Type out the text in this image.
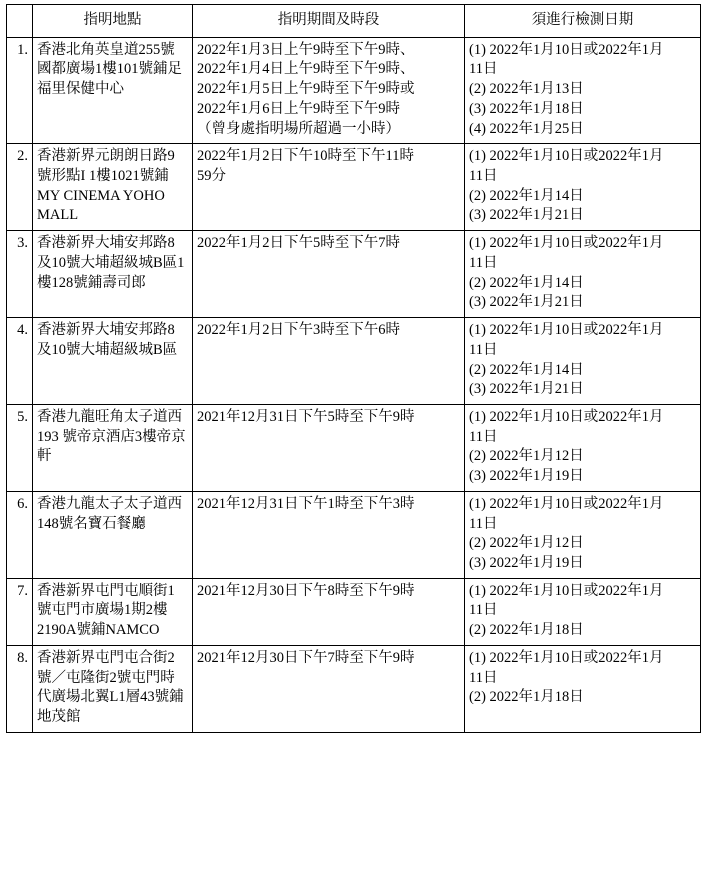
	指明地點	指明期間及時段	須進行檢測日期
1.	香港北角英皇道255號國都廣場1樓101號鋪足福里保健中心	2022年1月3日上午9時至下午9時、
2022年1月4日上午9時至下午9時、
2022年1月5日上午9時至下午9時或
2022年1月6日上午9時至下午9時
（曾身處指明場所超過一小時）	(1) 2022年1月10日或2022年1月
11日
(2) 2022年1月13日
(3) 2022年1月18日
(4) 2022年1月25日

2.	香港新界元朗朗日路9號形點I 1樓1021號鋪MY CINEMA YOHO MALL	2022年1月2日下午10時至下午11時
59分	(1) 2022年1月10日或2022年1月
11日
(2) 2022年1月14日
(3) 2022年1月21日

3.	香港新界大埔安邦路8及10號大埔超級城B區1樓128號鋪壽司郎	2022年1月2日下午5時至下午7時	(1) 2022年1月10日或2022年1月
11日
(2) 2022年1月14日
(3) 2022年1月21日

4.	香港新界大埔安邦路8及10號大埔超級城B區	2022年1月2日下午3時至下午6時	(1) 2022年1月10日或2022年1月
11日
(2) 2022年1月14日
(3) 2022年1月21日

5.	香港九龍旺角太子道西193 號帝京酒店3樓帝京軒	2021年12月31日下午5時至下午9時	(1) 2022年1月10日或2022年1月
11日
(2) 2022年1月12日
(3) 2022年1月19日

6.	香港九龍太子太子道西148號名寶石餐廳	2021年12月31日下午1時至下午3時	(1) 2022年1月10日或2022年1月
11日
(2) 2022年1月12日
(3) 2022年1月19日

7.	香港新界屯門屯順街1號屯門市廣場1期2樓2190A號鋪NAMCO	2021年12月30日下午8時至下午9時	(1) 2022年1月10日或2022年1月
11日
(2) 2022年1月18日

8.	香港新界屯門屯合街2號／屯隆街2號屯門時代廣場北翼L1層43號鋪地茂館	2021年12月30日下午7時至下午9時	(1) 2022年1月10日或2022年1月
11日
(2) 2022年1月18日
